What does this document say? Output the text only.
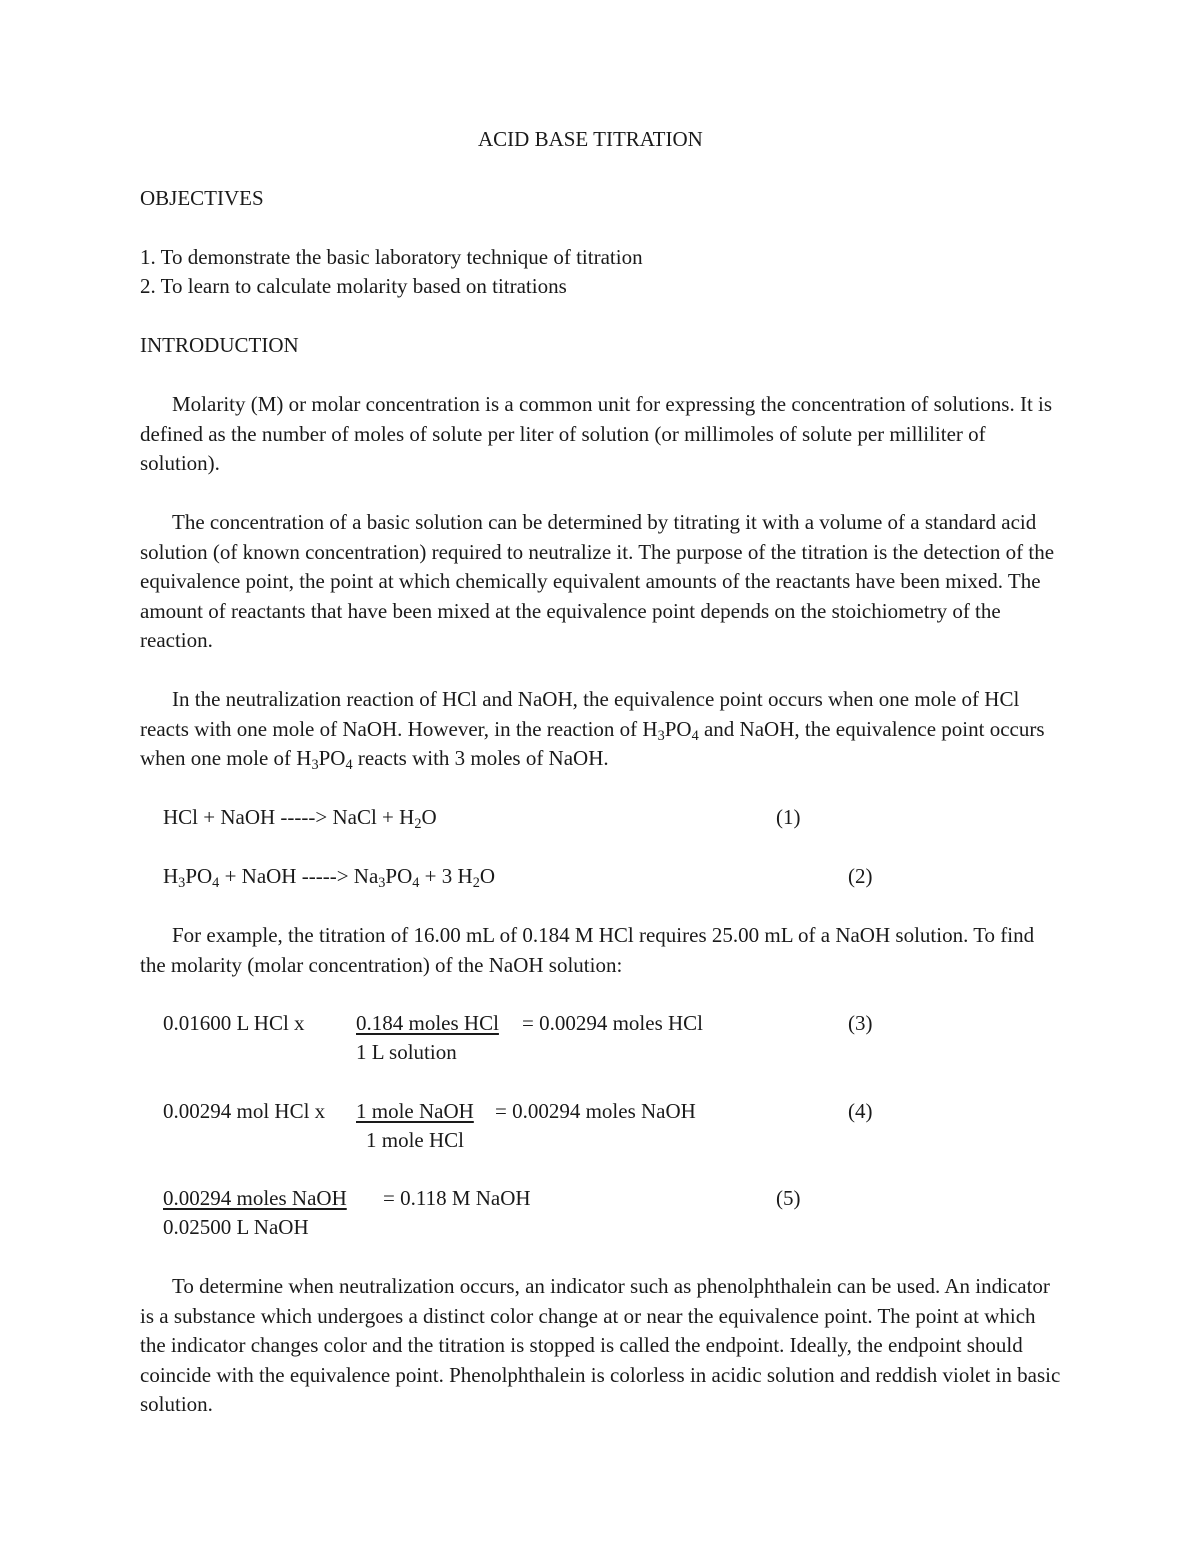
ACID BASE TITRATION

OBJECTIVES

1. To demonstrate the basic laboratory technique of titration

2. To learn to calculate molarity based on titrations

INTRODUCTION

Molarity (M) or molar concentration is a common unit for expressing the concentration of solutions. It is defined as the number of moles of solute per liter of solution (or millimoles of solute per milliliter of solution).

The concentration of a basic solution can be determined by titrating it with a volume of a standard acid solution (of known concentration) required to neutralize it. The purpose of the titration is the detection of the equivalence point, the point at which chemically equivalent amounts of the reactants have been mixed. The amount of reactants that have been mixed at the equivalence point depends on the stoichiometry of the reaction.

In the neutralization reaction of HCl and NaOH, the equivalence point occurs when one mole of HCl reacts with one mole of NaOH. However, in the reaction of $H_3PO_4$ and NaOH, the equivalence point occurs when one mole of $H_3PO_4$ reacts with 3 moles of NaOH.

HCl + NaOH -----> NaCl + $H_2O$	(1)
$H_3PO_4$ + NaOH -----> $Na_3PO_4 + 3$ $H_2O$	(2)

For example, the titration of 16.00 mL of 0.184 M HCl requires 25.00 mL of a NaOH solution. To find the molarity (molar concentration) of the NaOH solution:

0.01600 L HCl x 0.184 moles HCl = 0.00294 moles HCl	(3)
1 L solution
0.00294 mol HCl x 1 mole NaOH = 0.00294 moles NaOH	(4)
1 mole HCl
0.00294 moles NaOH = 0.118 M NaOH	(5)
0.02500 L NaOH

To determine when neutralization occurs, an indicator such as phenolphthalein can be used. An indicator is a substance which undergoes a distinct color change at or near the equivalence point. The point at which the indicator changes color and the titration is stopped is called the endpoint. Ideally, the endpoint should coincide with the equivalence point. Phenolphthalein is colorless in acidic solution and reddish violet in basic solution.
